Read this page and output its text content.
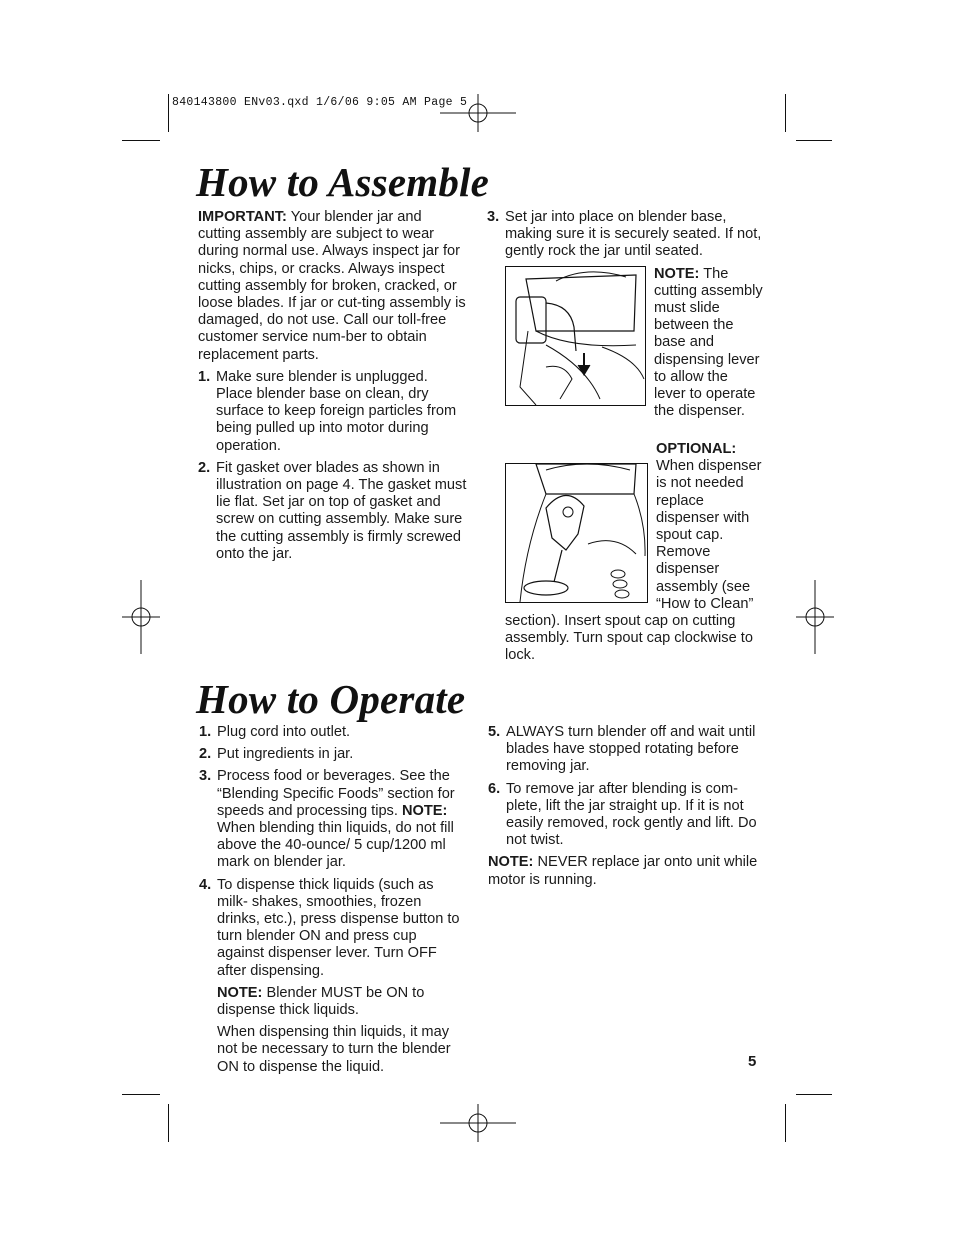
840143800 ENv03.qxd 1/6/06 9:05 AM Page 5
How to Assemble

IMPORTANT: Your blender jar and cutting assembly are subject to wear during normal use. Always inspect jar for nicks, chips, or cracks. Always inspect cutting assembly for broken, cracked, or loose blades. If jar or cut-ting assembly is damaged, do not use. Call our toll-free customer service num-ber to obtain replacement parts.

1. Make sure blender is unplugged. Place blender base on clean, dry surface to keep foreign particles from being pulled up into motor during operation.

2. Fit gasket over blades as shown in illustration on page 4. The gasket must lie flat. Set jar on top of gasket and screw on cutting assembly. Make sure the cutting assembly is firmly screwed onto the jar.

3. Set jar into place on blender base, making sure it is securely seated. If not, gently rock the jar until seated.

NOTE: The cutting assembly must slide between the base and dispensing lever to allow the lever to operate the dispenser.
OPTIONAL: When dispenser is not needed replace dispenser with spout cap. Remove dispenser assembly (see “How to Clean” section). Insert spout cap on cutting assembly. Turn spout cap clockwise to lock.
How to Operate
1. Plug cord into outlet.

2. Put ingredients in jar.

3. Process food or beverages. See the “Blending Specific Foods” section for speeds and processing tips. NOTE: When blending thin liquids, do not fill above the 40-ounce/ 5 cup/1200 ml mark on blender jar.

4. To dispense thick liquids (such as milk- shakes, smoothies, frozen drinks, etc.), press dispense button to turn blender ON and press cup against dispenser lever. Turn OFF after dispensing.

NOTE: Blender MUST be ON to dispense thick liquids.

When dispensing thin liquids, it may not be necessary to turn the blender ON to dispense the liquid.

5. ALWAYS turn blender off and wait until blades have stopped rotating before removing jar.

6. To remove jar after blending is com-plete, lift the jar straight up. If it is not easily removed, rock gently and lift. Do not twist.

NOTE: NEVER replace jar onto unit while motor is running.

5
